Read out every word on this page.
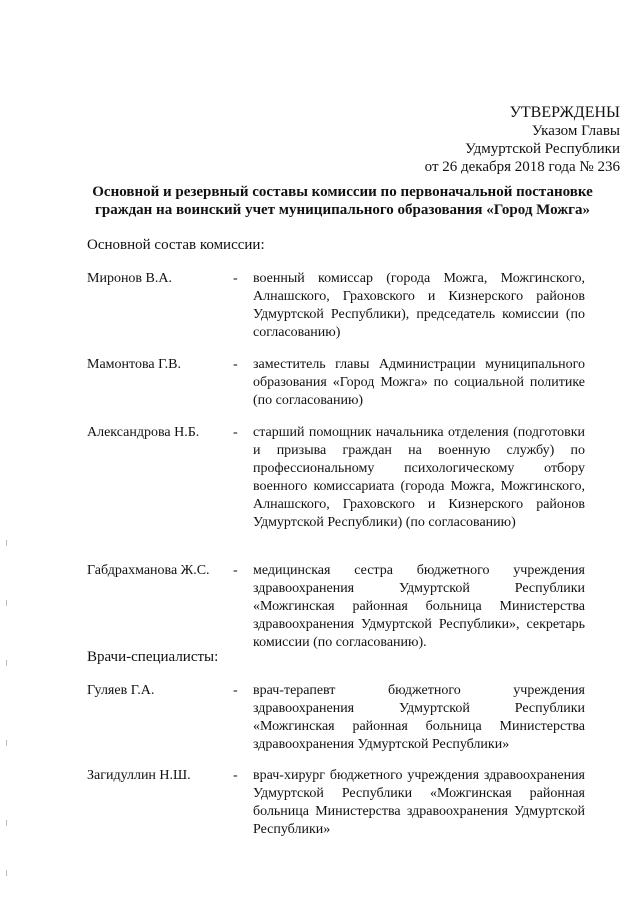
УТВЕРЖДЕНЫ
Указом Главы
Удмуртской Республики
от 26 декабря 2018 года № 236
Основной и резервный составы комиссии по первоначальной постановке граждан на воинский учет муниципального образования «Город Можга»
Основной состав комиссии:
Миронов В.А.	- военный комиссар (города Можга, Можгинского, Алнашского, Граховского и Кизнерского районов Удмуртской Республики), председатель комиссии (по согласованию)
Мамонтова Г.В.	- заместитель главы Администрации муниципального образования «Город Можга» по социальной политике (по согласованию)
Александрова Н.Б.	- старший помощник начальника отделения (подготовки и призыва граждан на военную службу) по профессиональному психологическому отбору военного комиссариата (города Можга, Можгинского, Алнашского, Граховского и Кизнерского районов Удмуртской Республики) (по согласованию)
Габдрахманова Ж.С.	- медицинская сестра бюджетного учреждения здравоохранения Удмуртской Республики «Можгинская районная больница Министерства здравоохранения Удмуртской Республики», секретарь комиссии (по согласованию).
Врачи-специалисты:
Гуляев Г.А.	- врач-терапевт бюджетного учреждения здравоохранения Удмуртской Республики «Можгинская районная больница Министерства здравоохранения Удмуртской Республики»
Загидуллин Н.Ш.	- врач-хирург бюджетного учреждения здравоохранения Удмуртской Республики «Можгинская районная больница Министерства здравоохранения Удмуртской Республики»
